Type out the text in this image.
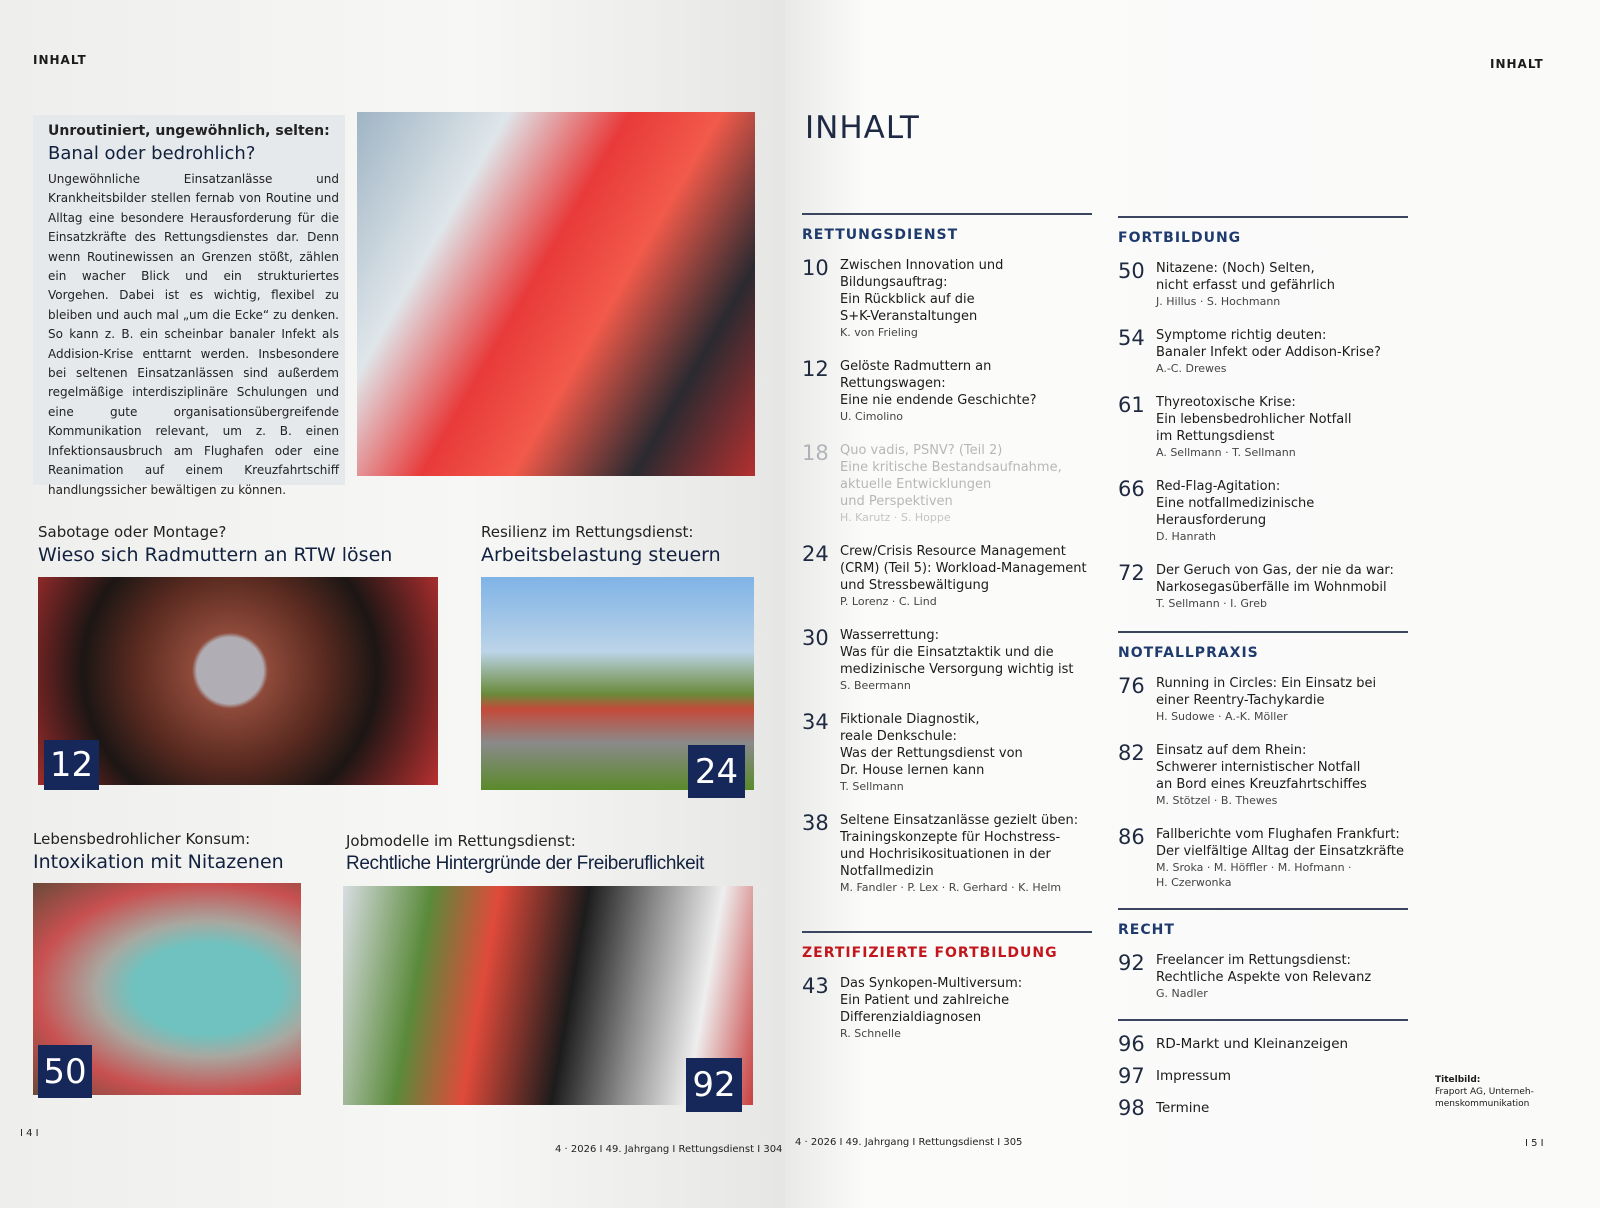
INHALT
Unroutiniert, ungewöhnlich, selten:
Banal oder bedrohlich?
Ungewöhnliche Einsatzanlässe und Krankheitsbilder stellen fernab von Routine und Alltag eine besondere Herausforderung für die Einsatzkräfte des Rettungsdienstes dar. Denn wenn Routinewissen an Grenzen stößt, zählen ein wacher Blick und ein strukturiertes Vorgehen. Dabei ist es wichtig, flexibel zu bleiben und auch mal „um die Ecke“ zu denken. So kann z. B. ein scheinbar banaler Infekt als Addision-Krise enttarnt werden. Insbesondere bei seltenen Einsatzanlässen sind außerdem regelmäßige interdisziplinäre Schulungen und eine gute organisationsübergreifende Kommunikation relevant, um z. B. einen Infektionsausbruch am Flughafen oder eine Reanimation auf einem Kreuzfahrtschiff handlungssicher bewältigen zu können.
Sabotage oder Montage?
Wieso sich Radmuttern an RTW lösen
12
Resilienz im Rettungsdienst:
Arbeitsbelastung steuern
24
Lebensbedrohlicher Konsum:
Intoxikation mit Nitazenen
50	92
Jobmodelle im Rettungsdienst:
Rechtliche Hintergründe der Freiberuflichkeit
I 4 I
4 · 2026 I 49. Jahrgang I Rettungsdienst I 304
INHALT
4 · 2026 I 49. Jahrgang I Rettungsdienst I 305	I 5 I
Titelbild:
Fraport AG, Unterneh-
menskommunikation
INHALT
RETTUNGSDIENST
10 Zwischen Innovation und
Bildungsauftrag:
Ein Rückblick auf die
S+K-Veranstaltungen
K. von Frieling
12 Gelöste Radmuttern an
Rettungswagen:
Eine nie endende Geschichte?
U. Cimolino
18 Quo vadis, PSNV? (Teil 2)
Eine kritische Bestandsaufnahme,
aktuelle Entwicklungen
und Perspektiven
H. Karutz · S. Hoppe
24 Crew/Crisis Resource Management
(CRM) (Teil 5): Workload-Management
und Stressbewältigung
P. Lorenz · C. Lind
30 Wasserrettung:
Was für die Einsatztaktik und die
medizinische Versorgung wichtig ist
S. Beermann
34 Fiktionale Diagnostik,
reale Denkschule:
Was der Rettungsdienst von
Dr. House lernen kann
T. Sellmann
38 Seltene Einsatzanlässe gezielt üben:
Trainingskonzepte für Hochstress-
und Hochrisikosituationen in der
Notfallmedizin
M. Fandler · P. Lex · R. Gerhard · K. Helm
ZERTIFIZIERTE FORTBILDUNG
43 Das Synkopen-Multiversum:
Ein Patient und zahlreiche
Differenzialdiagnosen
R. Schnelle
FORTBILDUNG
50 Nitazene: (Noch) Selten,
nicht erfasst und gefährlich
J. Hillus · S. Hochmann
54 Symptome richtig deuten:
Banaler Infekt oder Addison-Krise?
A.-C. Drewes
61 Thyreotoxische Krise:
Ein lebensbedrohlicher Notfall
im Rettungsdienst
A. Sellmann · T. Sellmann
66 Red-Flag-Agitation:
Eine notfallmedizinische
Herausforderung
D. Hanrath
72 Der Geruch von Gas, der nie da war:
Narkosegasüberfälle im Wohnmobil
T. Sellmann · I. Greb
NOTFALLPRAXIS
76 Running in Circles: Ein Einsatz bei
einer Reentry-Tachykardie
H. Sudowe · A.-K. Möller
82 Einsatz auf dem Rhein:
Schwerer internistischer Notfall
an Bord eines Kreuzfahrtschiffes
M. Stötzel · B. Thewes
86 Fallberichte vom Flughafen Frankfurt:
Der vielfältige Alltag der Einsatzkräfte
M. Sroka · M. Höffler · M. Hofmann ·
H. Czerwonka
RECHT
92 Freelancer im Rettungsdienst:
Rechtliche Aspekte von Relevanz
G. Nadler
96 RD-Markt und Kleinanzeigen
97 Impressum
98 Termine
